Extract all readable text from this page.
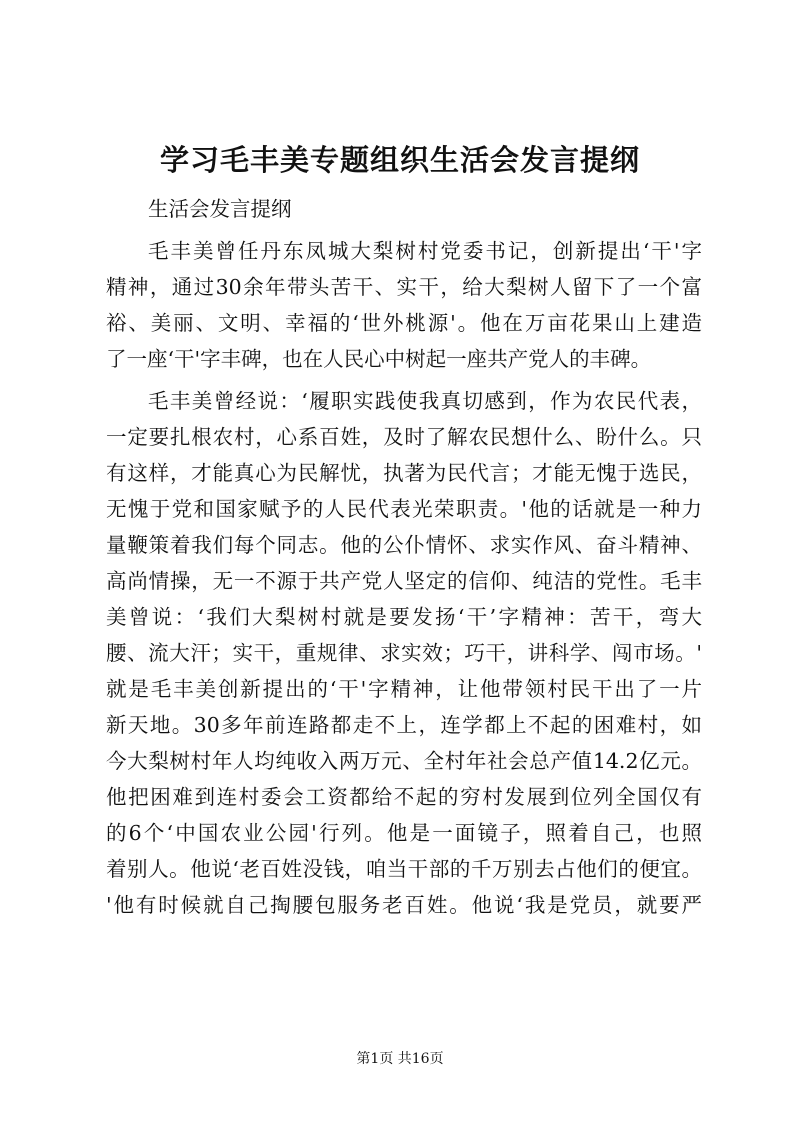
学习毛丰美专题组织生活会发言提纲
生活会发言提纲
毛丰美曾任丹东凤城大梨树村党委书记，创新提出‘干'字
精神，通过30余年带头苦干、实干，给大梨树人留下了一个富
裕、美丽、文明、幸福的‘世外桃源'。他在万亩花果山上建造
了一座‘干'字丰碑，也在人民心中树起一座共产党人的丰碑。
毛丰美曾经说：‘履职实践使我真切感到，作为农民代表，
一定要扎根农村，心系百姓，及时了解农民想什么、盼什么。只
有这样，才能真心为民解忧，执著为民代言；才能无愧于选民，
无愧于党和国家赋予的人民代表光荣职责。'他的话就是一种力
量鞭策着我们每个同志。他的公仆情怀、求实作风、奋斗精神、
高尚情操，无一不源于共产党人坚定的信仰、纯洁的党性。毛丰
美曾说：‘我们大梨树村就是要发扬‘干’字精神：苦干，弯大
腰、流大汗；实干，重规律、求实效；巧干，讲科学、闯市场。'
就是毛丰美创新提出的‘干'字精神，让他带领村民干出了一片
新天地。30多年前连路都走不上，连学都上不起的困难村，如
今大梨树村年人均纯收入两万元、全村年社会总产值14.2亿元。
他把困难到连村委会工资都给不起的穷村发展到位列全国仅有
的6个‘中国农业公园'行列。他是一面镜子，照着自己，也照
着别人。他说‘老百姓没钱，咱当干部的千万别去占他们的便宜。
'他有时候就自己掏腰包服务老百姓。他说‘我是党员，就要严
第1页 共16页
